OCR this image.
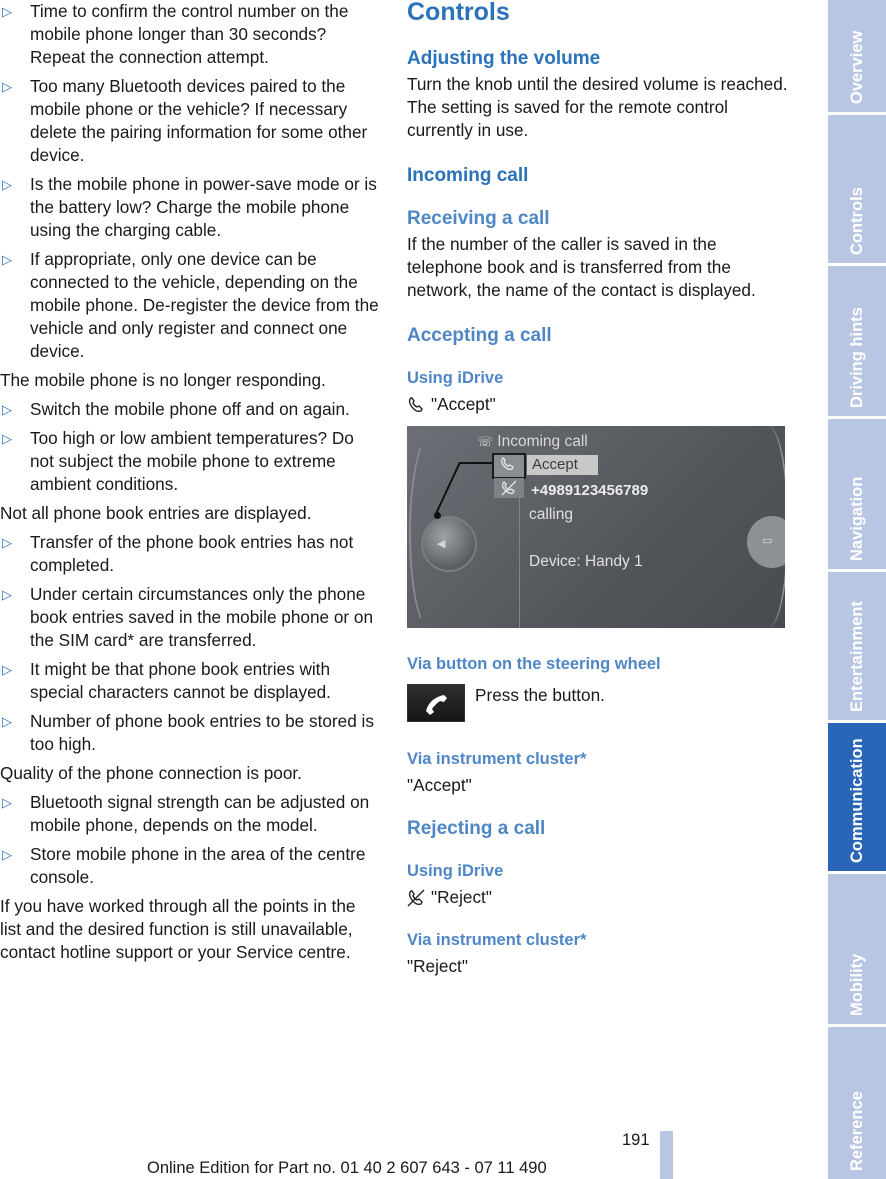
▷ Time to confirm the control number on the mobile phone longer than 30 seconds? Repeat the connection attempt.
▷ Too many Bluetooth devices paired to the mobile phone or the vehicle? If necessary delete the pairing information for some other device.
▷ Is the mobile phone in power-save mode or is the battery low? Charge the mobile phone using the charging cable.
▷ If appropriate, only one device can be connected to the vehicle, depending on the mobile phone. De-register the device from the vehicle and only register and connect one device.
The mobile phone is no longer responding.
▷ Switch the mobile phone off and on again.
▷ Too high or low ambient temperatures? Do not subject the mobile phone to extreme ambient conditions.
Not all phone book entries are displayed.
▷ Transfer of the phone book entries has not completed.
▷ Under certain circumstances only the phone book entries saved in the mobile phone or on the SIM card* are transferred.
▷ It might be that phone book entries with special characters cannot be displayed.
▷ Number of phone book entries to be stored is too high.
Quality of the phone connection is poor.
▷ Bluetooth signal strength can be adjusted on mobile phone, depends on the model.
▷ Store mobile phone in the area of the centre console.
If you have worked through all the points in the list and the desired function is still unavailable, contact hotline support or your Service centre.
Controls
Adjusting the volume
Turn the knob until the desired volume is reached. The setting is saved for the remote control currently in use.
Incoming call
Receiving a call
If the number of the caller is saved in the telephone book and is transferred from the network, the name of the contact is displayed.
Accepting a call
Using iDrive
"Accept"
☏ Incoming call
Accept
+4989123456789
calling
Device: Handy 1
◀	▭
Via button on the steering wheel
Press the button.
Via instrument cluster*
"Accept"
Rejecting a call
Using iDrive
"Reject"
Via instrument cluster*
"Reject"
Overview
Controls
Driving hints
Navigation
Entertainment
Communication
Mobility
Reference
191
Online Edition for Part no. 01 40 2 607 643 - 07 11 490
